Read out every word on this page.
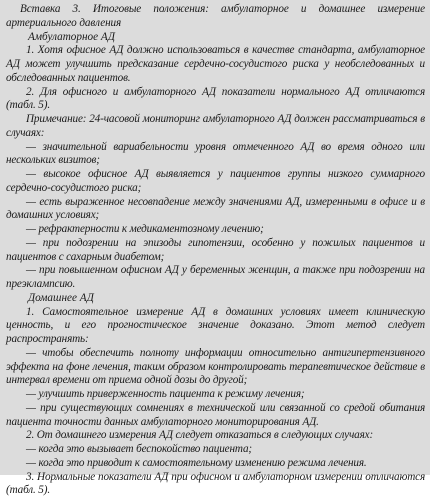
Вставка 3. Итоговые положения: амбулаторное и домашнее измерение артериального давления
Амбулаторное АД
1. Хотя офисное АД должно использоваться в качестве стандарта, амбулаторное АД может улучшить предсказание сердечно-сосудистого риска у необследованных и обследованных пациентов.
2. Для офисного и амбулаторного АД показатели нормального АД отличаются (табл. 5).
Примечание: 24-часовой мониторинг амбулаторного АД должен рассматриваться в случаях:
— значительной вариабельности уровня отмеченного АД во время одного или нескольких визитов;
— высокое офисное АД выявляется у пациентов группы низкого суммарного сердечно-сосудистого риска;
— есть выраженное несовпадение между значениями АД, измеренными в офисе и в домашних условиях;
— рефрактерности к медикаментозному лечению;
— при подозрении на эпизоды гипотензии, особенно у пожилых пациентов и пациентов с сахарным диабетом;
— при повышенном офисном АД у беременных женщин, а также при подозрении на преэклампсию.
Домашнее АД
1. Самостоятельное измерение АД в домашних условиях имеет клиническую ценность, и его прогностическое значение доказано. Этот метод следует распространять:
— чтобы обеспечить полноту информации относительно антигипертензивного эффекта на фоне лечения, таким образом контролировать терапевтическое действие в интервал времени от приема одной дозы до другой;
— улучшить приверженность пациента к режиму лечения;
— при существующих сомнениях в технической или связанной со средой обитания пациента точности данных амбулаторного мониторирования АД.
2. От домашнего измерения АД следует отказаться в следующих случаях:
— когда это вызывает беспокойство пациента;
— когда это приводит к самостоятельному изменению режима лечения.
3. Нормальные показатели АД при офисном и амбулаторном измерении отличаются (табл. 5).
